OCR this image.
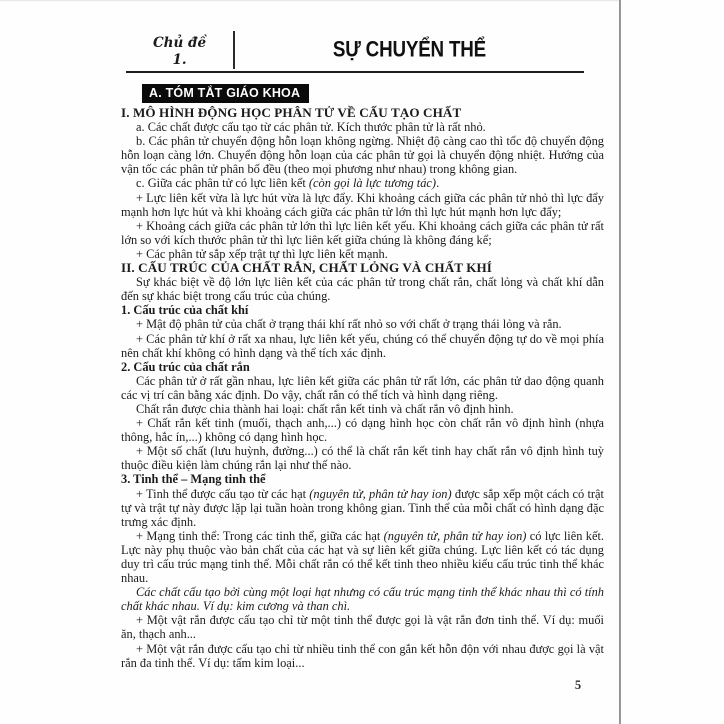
Chủ đề
1.	SỰ CHUYỂN THỂ
A. TÓM TẮT GIÁO KHOA
I. MÔ HÌNH ĐỘNG HỌC PHÂN TỬ VỀ CẤU TẠO CHẤT
a. Các chất được cấu tạo từ các phân tử. Kích thước phân tử là rất nhỏ.
b. Các phân tử chuyển động hỗn loạn không ngừng. Nhiệt độ càng cao thì tốc độ chuyển động hỗn loạn càng lớn. Chuyển động hỗn loạn của các phân tử gọi là chuyển động nhiệt. Hướng của vận tốc các phân tử phân bố đều (theo mọi phương như nhau) trong không gian.
c. Giữa các phân tử có lực liên kết (còn gọi là lực tương tác).
+ Lực liên kết vừa là lực hút vừa là lực đẩy. Khi khoảng cách giữa các phân tử nhỏ thì lực đẩy mạnh hơn lực hút và khi khoảng cách giữa các phân tử lớn thì lực hút mạnh hơn lực đẩy;
+ Khoảng cách giữa các phân tử lớn thì lực liên kết yếu. Khi khoảng cách giữa các phân tử rất lớn so với kích thước phân tử thì lực liên kết giữa chúng là không đáng kể;
+ Các phân tử sắp xếp trật tự thì lực liên kết mạnh.
II. CẤU TRÚC CỦA CHẤT RẮN, CHẤT LỎNG VÀ CHẤT KHÍ
Sự khác biệt về độ lớn lực liên kết của các phân tử trong chất rắn, chất lỏng và chất khí dẫn đến sự khác biệt trong cấu trúc của chúng.
1. Cấu trúc của chất khí
+ Mật độ phân tử của chất ở trạng thái khí rất nhỏ so với chất ở trạng thái lỏng và rắn.
+ Các phân tử khí ở rất xa nhau, lực liên kết yếu, chúng có thể chuyển động tự do về mọi phía nên chất khí không có hình dạng và thể tích xác định.
2. Cấu trúc của chất rắn
Các phân tử ở rất gần nhau, lực liên kết giữa các phân tử rất lớn, các phân tử dao động quanh các vị trí cân bằng xác định. Do vậy, chất rắn có thể tích và hình dạng riêng.
Chất rắn được chia thành hai loại: chất rắn kết tinh và chất rắn vô định hình.
+ Chất rắn kết tinh (muối, thạch anh,...) có dạng hình học còn chất rắn vô định hình (nhựa thông, hắc ín,...) không có dạng hình học.
+ Một số chất (lưu huỳnh, đường...) có thể là chất rắn kết tinh hay chất rắn vô định hình tuỳ thuộc điều kiện làm chúng rắn lại như thế nào.
3. Tinh thể – Mạng tinh thể
+ Tinh thể được cấu tạo từ các hạt (nguyên tử, phân tử hay ion) được sắp xếp một cách có trật tự và trật tự này được lặp lại tuần hoàn trong không gian. Tinh thể của mỗi chất có hình dạng đặc trưng xác định.
+ Mạng tinh thể: Trong các tinh thể, giữa các hạt (nguyên tử, phân tử hay ion) có lực liên kết. Lực này phụ thuộc vào bản chất của các hạt và sự liên kết giữa chúng. Lực liên kết có tác dụng duy trì cấu trúc mạng tinh thể. Mỗi chất rắn có thể kết tinh theo nhiều kiểu cấu trúc tinh thể khác nhau.
Các chất cấu tạo bởi cùng một loại hạt nhưng có cấu trúc mạng tinh thể khác nhau thì có tính chất khác nhau. Ví dụ: kim cương và than chì.
+ Một vật rắn được cấu tạo chỉ từ một tinh thể được gọi là vật rắn đơn tinh thể. Ví dụ: muối ăn, thạch anh...
+ Một vật rắn được cấu tạo chỉ từ nhiều tinh thể con gắn kết hỗn độn với nhau được gọi là vật rắn đa tinh thể. Ví dụ: tấm kim loại...
5
